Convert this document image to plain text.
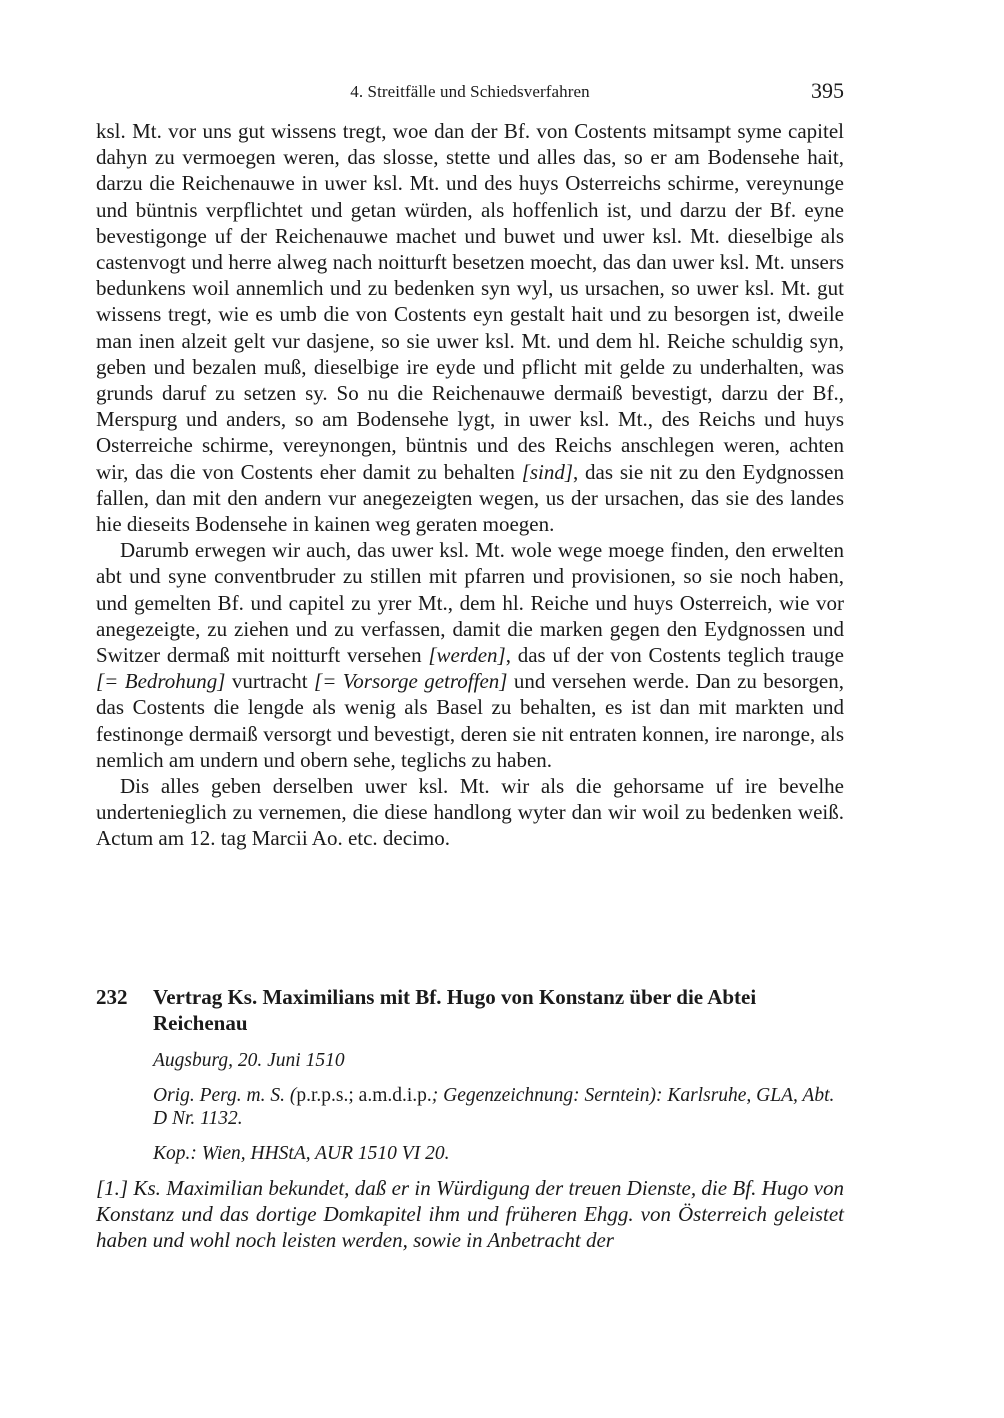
4. Streitfälle und Schiedsverfahren	395

ksl. Mt. vor uns gut wissens tregt, woe dan der Bf. von Costents mitsampt syme capitel dahyn zu vermoegen weren, das slosse, stette und alles das, so er am Bodensehe hait, darzu die Reichenauwe in uwer ksl. Mt. und des huys Osterreichs schirme, vereynunge und büntnis verpflichtet und getan würden, als hoffenlich ist, und darzu der Bf. eyne bevestigonge uf der Reichenauwe machet und buwet und uwer ksl. Mt. dieselbige als castenvogt und herre alweg nach noitturft besetzen moecht, das dan uwer ksl. Mt. unsers bedunkens woil annemlich und zu bedenken syn wyl, us ursachen, so uwer ksl. Mt. gut wissens tregt, wie es umb die von Costents eyn gestalt hait und zu besorgen ist, dweile man inen alzeit gelt vur dasjene, so sie uwer ksl. Mt. und dem hl. Reiche schuldig syn, geben und bezalen muß, dieselbige ire eyde und pflicht mit gelde zu underhalten, was grunds daruf zu setzen sy. So nu die Reichenauwe dermaiß bevestigt, darzu der Bf., Merspurg und anders, so am Bodensehe lygt, in uwer ksl. Mt., des Reichs und huys Osterreiche schirme, vereynongen, büntnis und des Reichs anschlegen weren, achten wir, das die von Costents eher damit zu behalten [sind], das sie nit zu den Eydgnossen fallen, dan mit den andern vur anegezeigten wegen, us der ursachen, das sie des landes hie dieseits Bodensehe in kainen weg geraten moegen.

Darumb erwegen wir auch, das uwer ksl. Mt. wole wege moege finden, den erwelten abt und syne conventbruder zu stillen mit pfarren und provisionen, so sie noch haben, und gemelten Bf. und capitel zu yrer Mt., dem hl. Reiche und huys Osterreich, wie vor anegezeigte, zu ziehen und zu verfassen, damit die marken gegen den Eydgnossen und Switzer dermaß mit noitturft versehen [werden], das uf der von Costents teglich trauge [= Bedrohung] vurtracht [= Vorsorge getroffen] und versehen werde. Dan zu besorgen, das Costents die lengde als wenig als Basel zu behalten, es ist dan mit markten und festinonge dermaiß versorgt und bevestigt, deren sie nit entraten konnen, ire naronge, als nemlich am undern und obern sehe, teglichs zu haben.

Dis alles geben derselben uwer ksl. Mt. wir als die gehorsame uf ire bevelhe undertenieglich zu vernemen, die diese handlong wyter dan wir woil zu bedenken weiß. Actum am 12. tag Marcii Ao. etc. decimo.

232 Vertrag Ks. Maximilians mit Bf. Hugo von Konstanz über die Abtei Reichenau
Augsburg, 20. Juni 1510
Orig. Perg. m. S. (p.r.p.s.; a.m.d.i.p.; Gegenzeichnung: Serntein): Karlsruhe, GLA, Abt. D Nr. 1132.
Kop.: Wien, HHStA, AUR 1510 VI 20.
[1.] Ks. Maximilian bekundet, daß er in Würdigung der treuen Dienste, die Bf. Hugo von Konstanz und das dortige Domkapitel ihm und früheren Ehgg. von Österreich geleistet haben und wohl noch leisten werden, sowie in Anbetracht der
